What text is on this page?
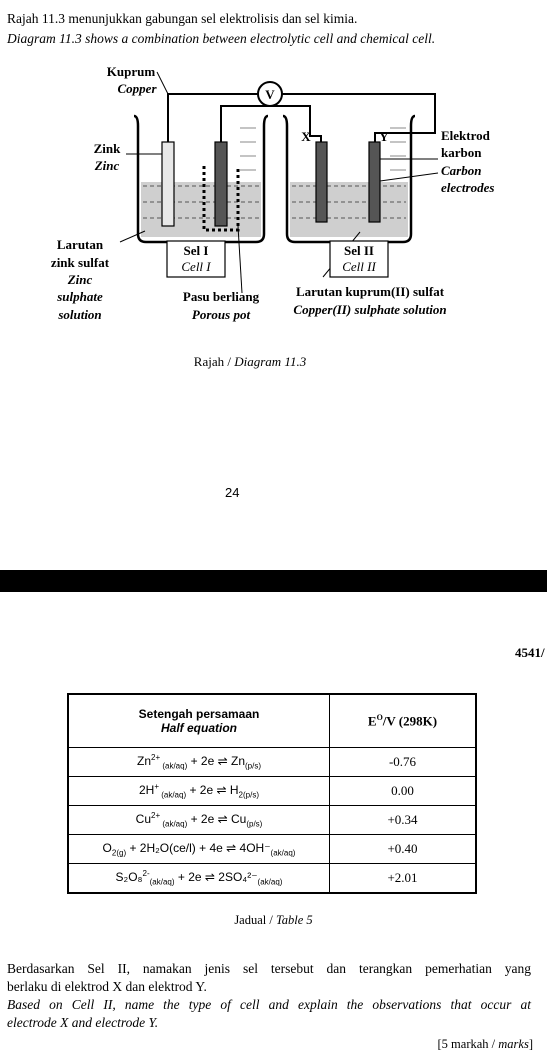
Rajah 11.3 menunjukkan gabungan sel elektrolisis dan sel kimia.
Diagram 11.3 shows a combination between electrolytic cell and chemical cell.
V
Kuprum
Copper
Zink
Zinc
X	Y	Elektrod
karbon
Carbon
electrodes
Larutan
zink sulfat
Zinc
sulphate
solution
Sel I
Cell I
Sel II
Cell II
Pasu berliang
Porous pot
Larutan kuprum(II) sulfat
Copper(II) sulphate solution
Rajah / Diagram 11.3
24
4541/
Setengah persamaan
Half equation	$E^O/V$ (298K)
$Zn^{2+}$ $_{(ak/aq)}$ + 2e ⇌ $Zn_{(p/s)}$	-0.76
2H+ $_{(ak/aq)}$ + 2e ⇌ $H_{2(p/s)}$	0.00
$Cu^{2+}$ $_{(ak/aq)}$ + 2e ⇌ $Cu_{(p/s)}$	+0.34
$O_{2(g)} + 2H_2O(ce/l) + 4e$ ⇌ $4OH^-_{(ak/aq)}$	+0.40
S₂O₈$^{2-}_{(ak/aq)}$ + 2e ⇌ $2SO_4^{2-}_{(ak/aq)}$	+2.01
Jadual / Table 5
Berdasarkan Sel II, namakan jenis sel tersebut dan terangkan pemerhatian yang
berlaku di elektrod X dan elektrod Y.
Based on Cell II, name the type of cell and explain the observations that occur at
electrode X and electrode Y.
[5 markah / marks]
